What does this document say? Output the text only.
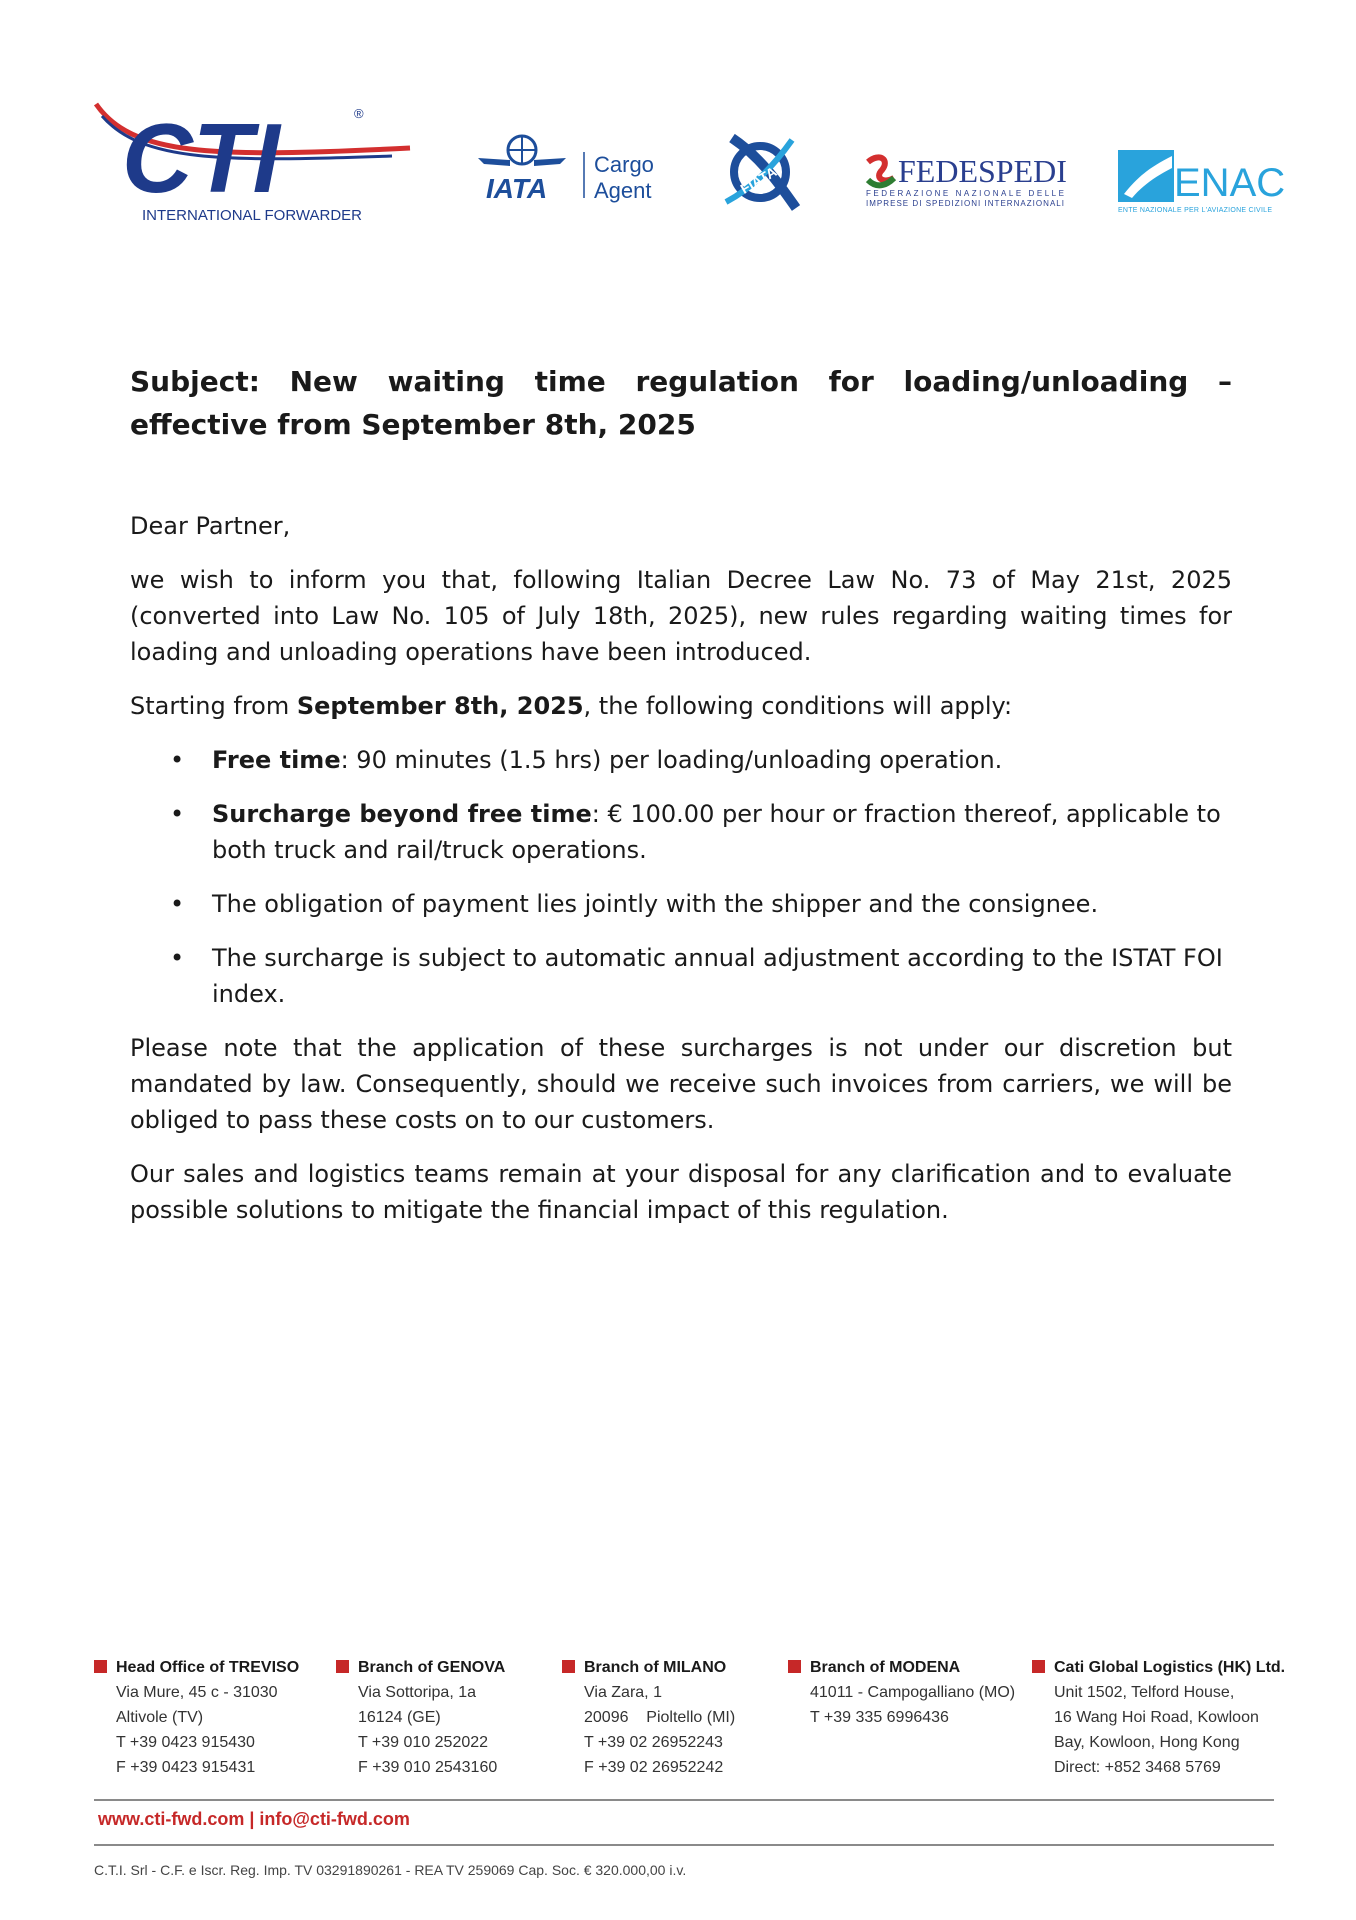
CTI	®
INTERNATIONAL FORWARDER
IATA
Cargo
Agent	FIATA	FEDESPEDI
FEDERAZIONE NAZIONALE DELLE
IMPRESE DI SPEDIZIONI INTERNAZIONALI	ENAC
ENTE NAZIONALE PER L'AVIAZIONE CIVILE

Subject: New waiting time regulation for loading/unloading – effective from September 8th, 2025

Dear Partner,

we wish to inform you that, following Italian Decree Law No. 73 of May 21st, 2025 (converted into Law No. 105 of July 18th, 2025), new rules regarding waiting times for loading and unloading operations have been introduced.

Starting from September 8th, 2025, the following conditions will apply:

• Free time: 90 minutes (1.5 hrs) per loading/unloading operation.
• Surcharge beyond free time: € 100.00 per hour or fraction thereof, applicable to both truck and rail/truck operations.
• The obligation of payment lies jointly with the shipper and the consignee.
• The surcharge is subject to automatic annual adjustment according to the ISTAT FOI index.

Please note that the application of these surcharges is not under our discretion but mandated by law. Consequently, should we receive such invoices from carriers, we will be obliged to pass these costs on to our customers.

Our sales and logistics teams remain at your disposal for any clarification and to evaluate possible solutions to mitigate the financial impact of this regulation.

Head Office of TREVISO
Via Mure, 45 c - 31030
Altivole (TV)
T +39 0423 915430
F +39 0423 915431
Branch of GENOVA
Via Sottoripa, 1a
16124 (GE)
T +39 010 252022
F +39 010 2543160
Branch of MILANO
Via Zara, 1
20096    Pioltello (MI)
T +39 02 26952243
F +39 02 26952242
Branch of MODENA
41011 - Campogalliano (MO)
T +39 335 6996436
Cati Global Logistics (HK) Ltd.
Unit 1502, Telford House,
16 Wang Hoi Road, Kowloon
Bay, Kowloon, Hong Kong
Direct: +852 3468 5769
www.cti-fwd.com | info@cti-fwd.com
C.T.I. Srl - C.F. e Iscr. Reg. Imp. TV 03291890261 - REA TV 259069 Cap. Soc. € 320.000,00 i.v.
